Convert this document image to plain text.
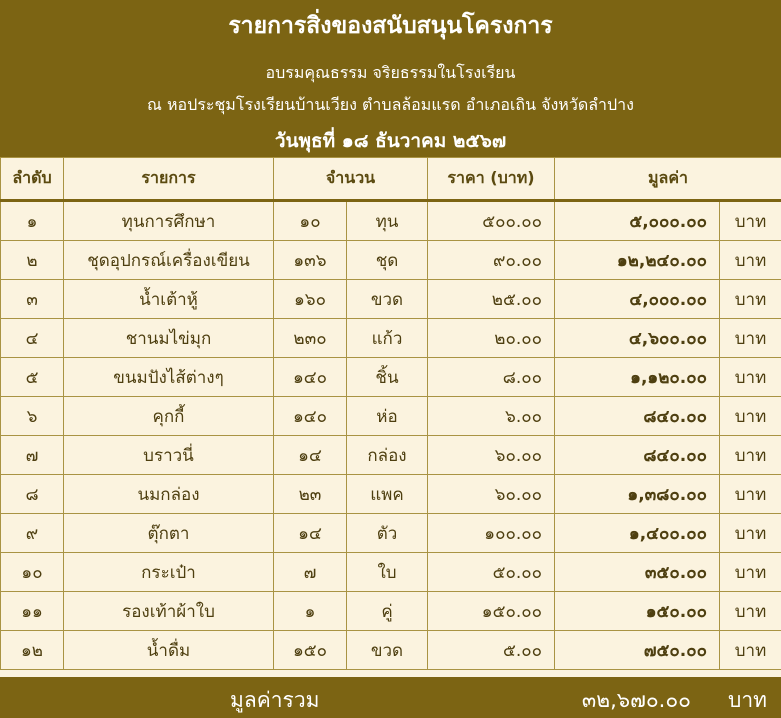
รายการสิ่งของสนับสนุนโครงการ
อบรมคุณธรรม จริยธรรมในโรงเรียน
ณ หอประชุมโรงเรียนบ้านเวียง ตำบลล้อมแรด อำเภอเถิน จังหวัดลำปาง
วันพุธที่ ๑๘ ธันวาคม ๒๕๖๗
ลำดับ	รายการ	จำนวน		ราคา (บาท)	มูลค่า	
๑	ทุนการศึกษา	๑๐	ทุน	๕๐๐.๐๐	๕,๐๐๐.๐๐	บาท
๒	ชุดอุปกรณ์เครื่องเขียน	๑๓๖	ชุด	๙๐.๐๐	๑๒,๒๔๐.๐๐	บาท
๓	น้ำเต้าหู้	๑๖๐	ขวด	๒๕.๐๐	๔,๐๐๐.๐๐	บาท
๔	ชานมไข่มุก	๒๓๐	แก้ว	๒๐.๐๐	๔,๖๐๐.๐๐	บาท
๕	ขนมปังไส้ต่างๆ	๑๔๐	ชิ้น	๘.๐๐	๑,๑๒๐.๐๐	บาท
๖	คุกกี้	๑๔๐	ห่อ	๖.๐๐	๘๔๐.๐๐	บาท
๗	บราวนี่	๑๔	กล่อง	๖๐.๐๐	๘๔๐.๐๐	บาท
๘	นมกล่อง	๒๓	แพค	๖๐.๐๐	๑,๓๘๐.๐๐	บาท
๙	ตุ๊กตา	๑๔	ตัว	๑๐๐.๐๐	๑,๔๐๐.๐๐	บาท
๑๐	กระเป๋า	๗	ใบ	๕๐.๐๐	๓๕๐.๐๐	บาท
๑๑	รองเท้าผ้าใบ	๑	คู่	๑๕๐.๐๐	๑๕๐.๐๐	บาท
๑๒	น้ำดื่ม	๑๕๐	ขวด	๕.๐๐	๗๕๐.๐๐	บาท
มูลค่ารวม	๓๒,๖๗๐.๐๐ บาท
